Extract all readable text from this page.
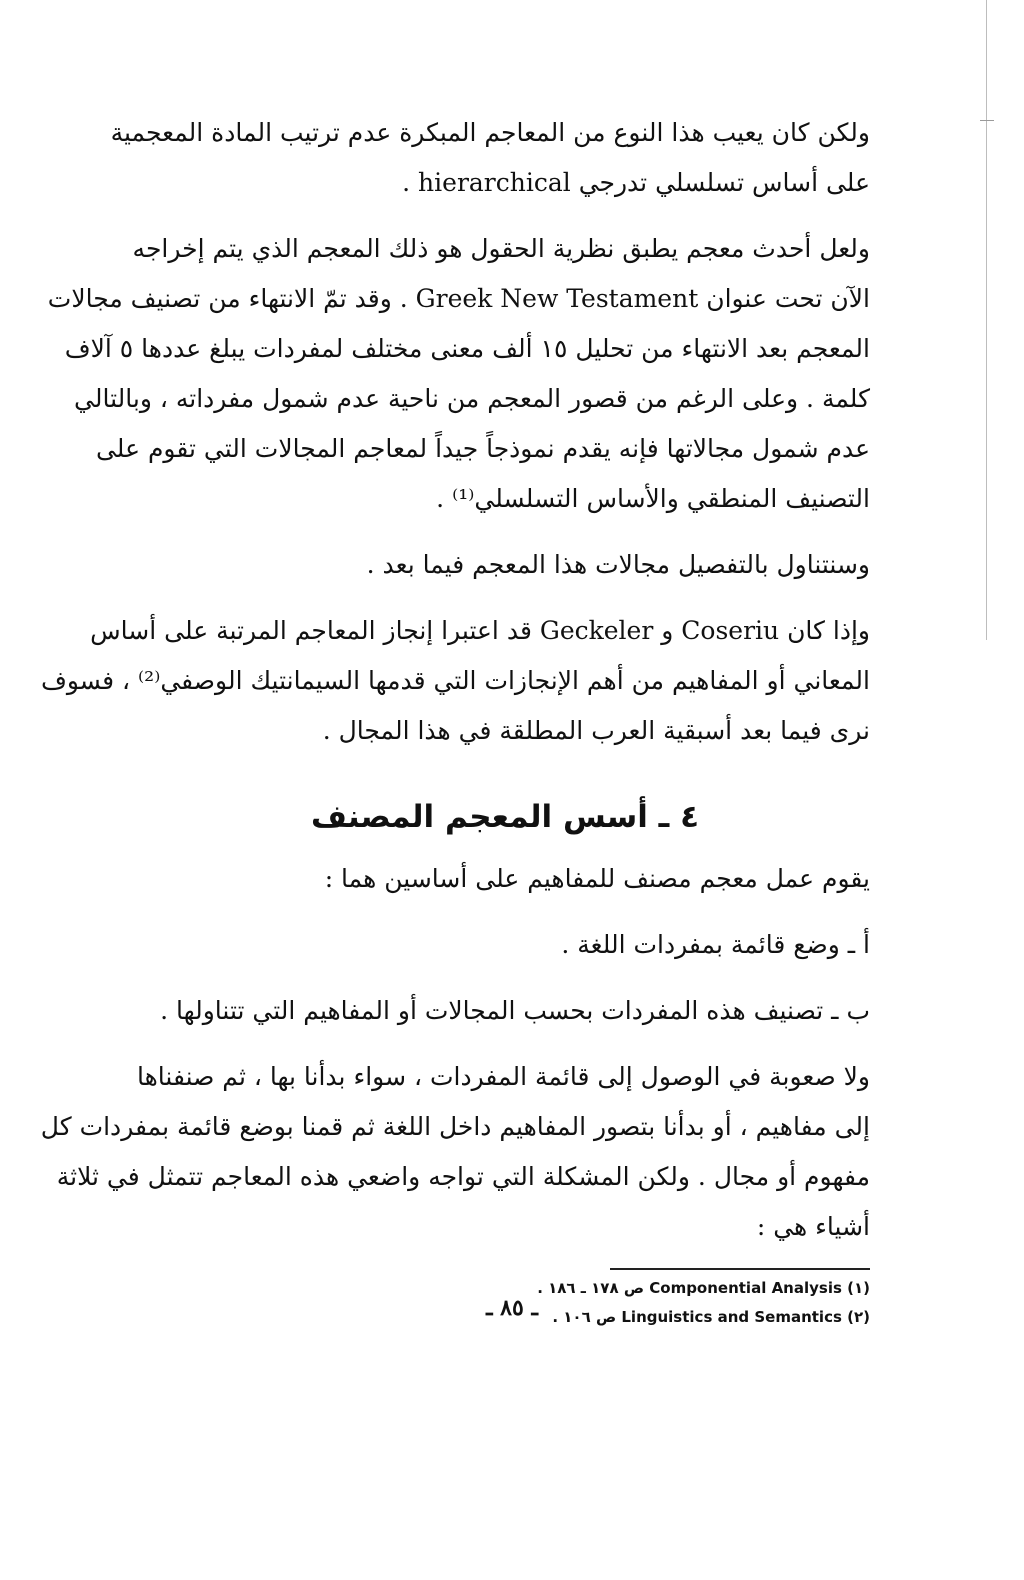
ولكن كان يعيب هذا النوع من المعاجم المبكرة عدم ترتيب المادة المعجمية
على أساس تسلسلي تدرجي hierarchical .
ولعل أحدث معجم يطبق نظرية الحقول هو ذلك المعجم الذي يتم إخراجه
الآن تحت عنوان Greek New Testament . وقد تمّ الانتهاء من تصنيف مجالات
المعجم بعد الانتهاء من تحليل ١٥ ألف معنى مختلف لمفردات يبلغ عددها ٥ آلاف
كلمة . وعلى الرغم من قصور المعجم من ناحية عدم شمول مفرداته ، وبالتالي
عدم شمول مجالاتها فإنه يقدم نموذجاً جيداً لمعاجم المجالات التي تقوم على
التصنيف المنطقي والأساس التسلسلي⁽¹⁾ .
وسنتناول بالتفصيل مجالات هذا المعجم فيما بعد .
وإذا كان Coseriu و Geckeler قد اعتبرا إنجاز المعاجم المرتبة على أساس
المعاني أو المفاهيم من أهم الإنجازات التي قدمها السيمانتيك الوصفي⁽²⁾ ، فسوف
نرى فيما بعد أسبقية العرب المطلقة في هذا المجال .
٤ ـ أسس المعجم المصنف
يقوم عمل معجم مصنف للمفاهيم على أساسين هما :
أ ـ وضع قائمة بمفردات اللغة .
ب ـ تصنيف هذه المفردات بحسب المجالات أو المفاهيم التي تتناولها .
ولا صعوبة في الوصول إلى قائمة المفردات ، سواء بدأنا بها ، ثم صنفناها
إلى مفاهيم ، أو بدأنا بتصور المفاهيم داخل اللغة ثم قمنا بوضع قائمة بمفردات كل
مفهوم أو مجال . ولكن المشكلة التي تواجه واضعي هذه المعاجم تتمثل في ثلاثة
أشياء هي :
(١) Componential Analysis ص ١٧٨ ـ ١٨٦ .
(٢) Linguistics and Semantics ص ١٠٦ .
ـ ٨٥ ـ
